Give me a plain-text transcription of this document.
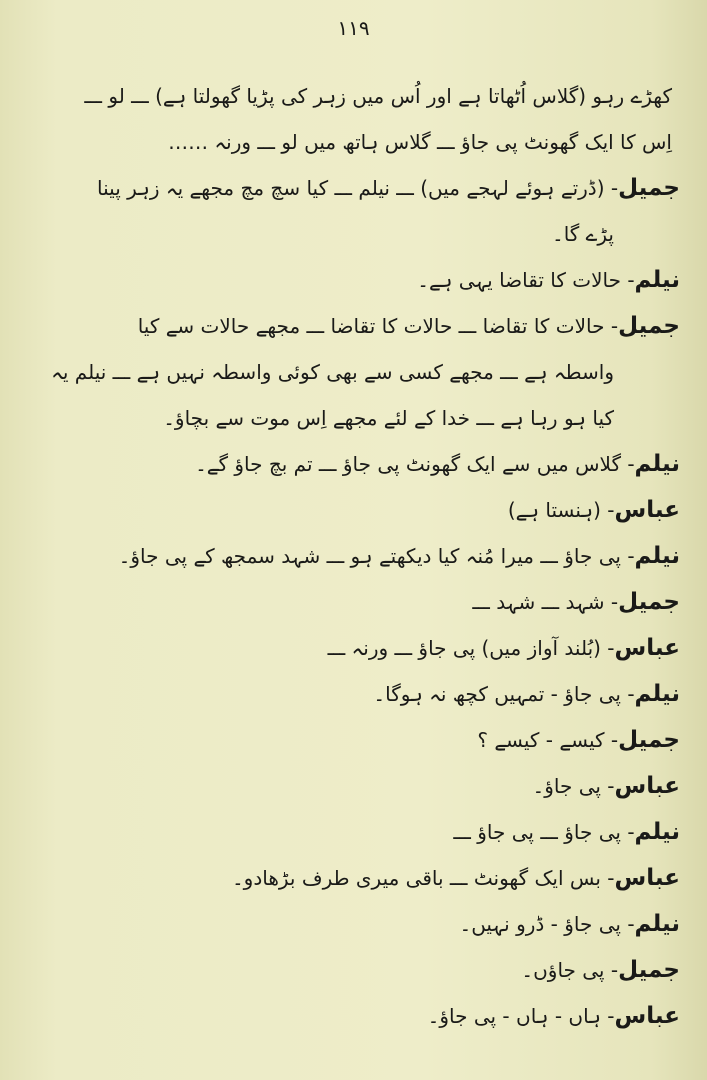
١١٩
کھڑے رہو (گلاس اُٹھاتا ہے اور اُس میں زہر کی پڑیا گھولتا ہے) ـــ لو ـــ
اِس کا ایک گھونٹ پی جاؤ ـــ گلاس ہاتھ میں لو ـــ ورنہ ……
جمیل- (ڈرتے ہوئے لہجے میں) ـــ نیلم ـــ کیا سچ مچ مجھے یہ زہر پینا
پڑے گا۔
نیلم- حالات کا تقاضا یہی ہے۔
جمیل- حالات کا تقاضا ـــ حالات کا تقاضا ـــ مجھے حالات سے کیا
واسطہ ہے ـــ مجھے کسی سے بھی کوئی واسطہ نہیں ہے ـــ نیلم یہ
کیا ہو رہا ہے ـــ خدا کے لئے مجھے اِس موت سے بچاؤ۔
نیلم- گلاس میں سے ایک گھونٹ پی جاؤ ـــ تم بچ جاؤ گے۔
عباس- (ہنستا ہے)
نیلم- پی جاؤ ـــ میرا مُنہ کیا دیکھتے ہو ـــ شہد سمجھ کے پی جاؤ۔
جمیل- شہد ـــ شہد ـــ
عباس- (بُلند آواز میں) پی جاؤ ـــ ورنہ ـــ
نیلم- پی جاؤ - تمہیں کچھ نہ ہوگا۔
جمیل- کیسے - کیسے ؟
عباس- پی جاؤ۔
نیلم- پی جاؤ ـــ پی جاؤ ـــ
عباس- بس ایک گھونٹ ـــ باقی میری طرف بڑھادو۔
نیلم- پی جاؤ - ڈرو نہیں۔
جمیل- پی جاؤں۔
عباس- ہاں - ہاں - پی جاؤ۔
